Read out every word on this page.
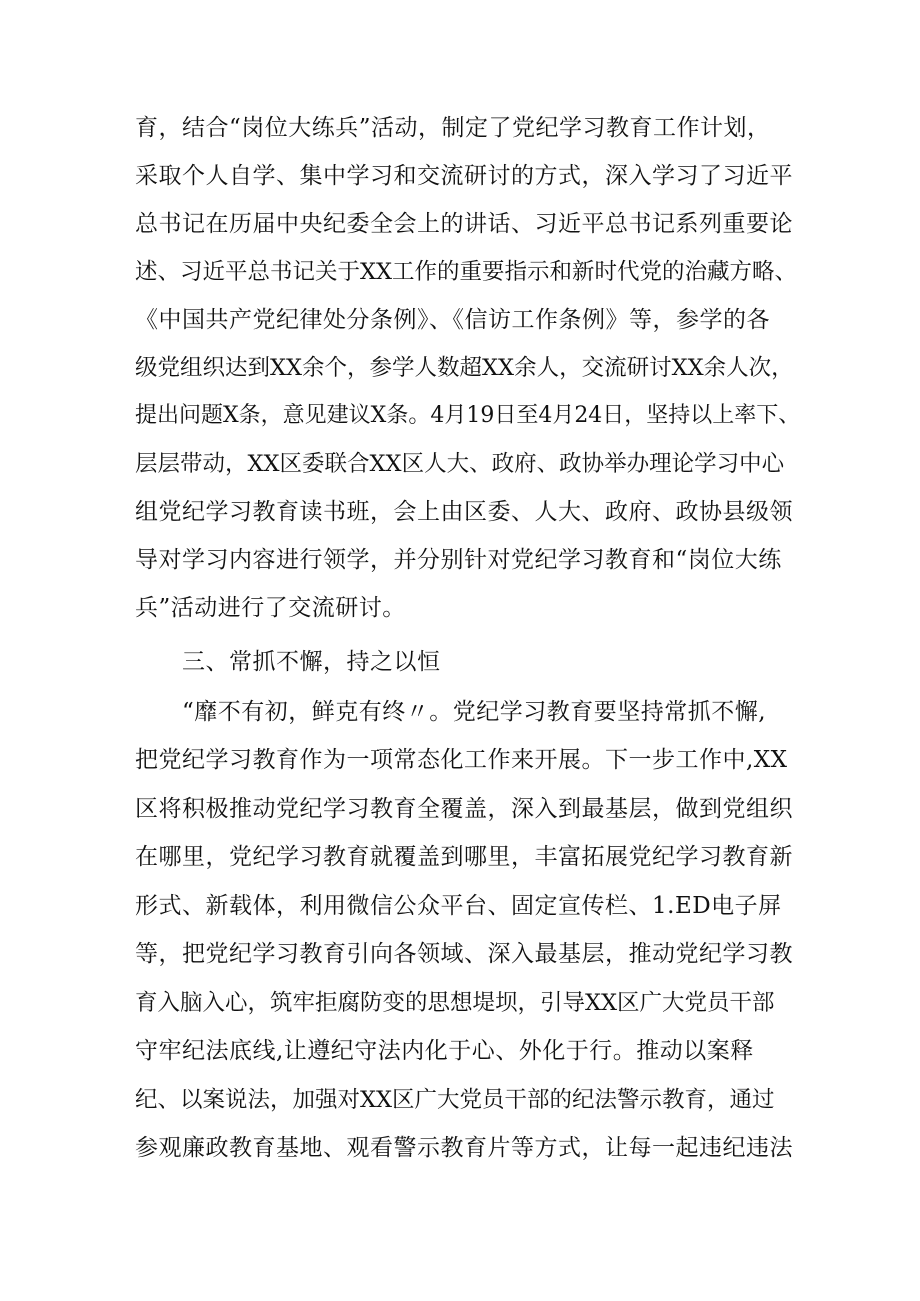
育，结合“岗位大练兵”活动，制定了党纪学习教育工作计划，
采取个人自学、集中学习和交流研讨的方式，深入学习了习近平
总书记在历届中央纪委全会上的讲话、习近平总书记系列重要论
述、习近平总书记关于XX工作的重要指示和新时代党的治藏方略、
《中国共产党纪律处分条例》、《信访工作条例》等，参学的各
级党组织达到XX余个，参学人数超XX余人，交流研讨XX余人次，
提出问题X条，意见建议X条。4月19日至4月24日，坚持以上率下、
层层带动，XX区委联合XX区人大、政府、政协举办理论学习中心
组党纪学习教育读书班，会上由区委、人大、政府、政协县级领
导对学习内容进行领学，并分别针对党纪学习教育和“岗位大练
兵”活动进行了交流研讨。
三、常抓不懈，持之以恒
“靡不有初，鲜克有终〃。党纪学习教育要坚持常抓不懈,
把党纪学习教育作为一项常态化工作来开展。下一步工作中,XX
区将积极推动党纪学习教育全覆盖，深入到最基层，做到党组织
在哪里，党纪学习教育就覆盖到哪里，丰富拓展党纪学习教育新
形式、新载体，利用微信公众平台、固定宣传栏、1.ED电子屏
等，把党纪学习教育引向各领域、深入最基层，推动党纪学习教
育入脑入心，筑牢拒腐防变的思想堤坝，引导XX区广大党员干部
守牢纪法底线,让遵纪守法内化于心、外化于行。推动以案释
纪、以案说法，加强对XX区广大党员干部的纪法警示教育，通过
参观廉政教育基地、观看警示教育片等方式，让每一起违纪违法
